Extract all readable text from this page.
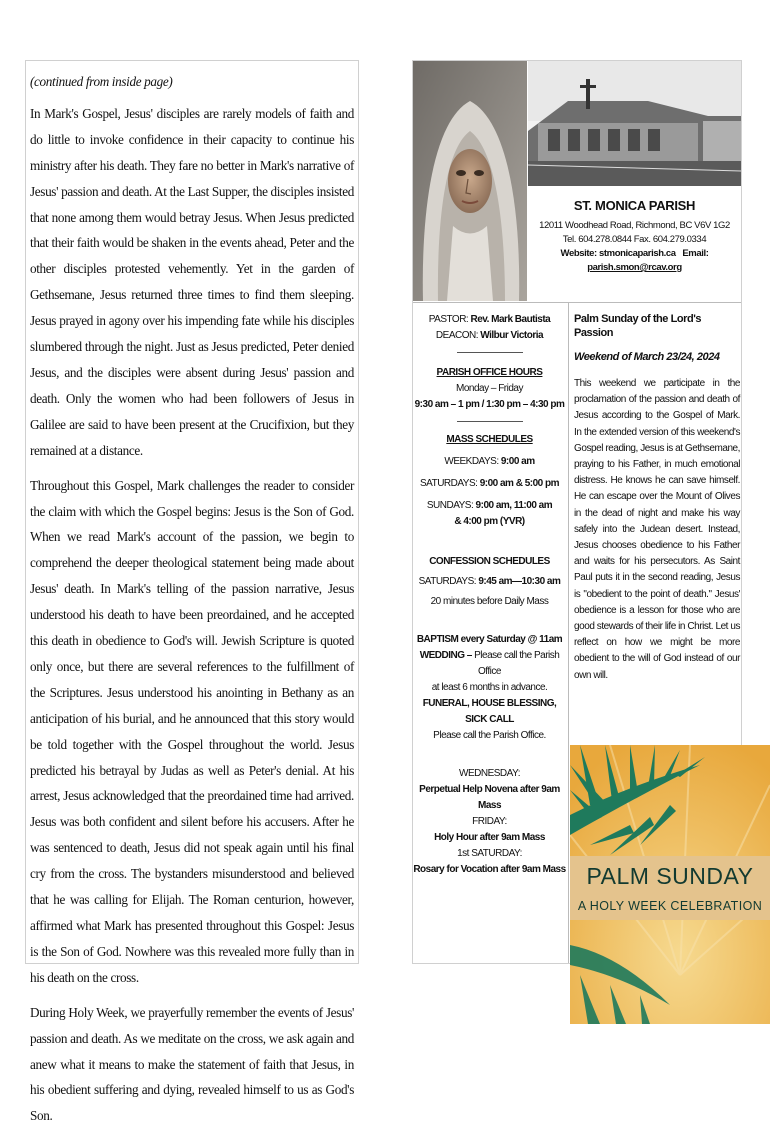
(continued from inside page)

In Mark's Gospel, Jesus' disciples are rarely models of faith and do little to invoke confidence in their capacity to continue his ministry after his death. They fare no better in Mark's narrative of Jesus' passion and death. At the Last Supper, the disciples insisted that none among them would betray Jesus. When Jesus predicted that their faith would be shaken in the events ahead, Peter and the other disciples protested vehemently. Yet in the garden of Gethsemane, Jesus returned three times to find them sleeping. Jesus prayed in agony over his impending fate while his disciples slumbered through the night. Just as Jesus predicted, Peter denied Jesus, and the disciples were absent during Jesus' passion and death. Only the women who had been followers of Jesus in Galilee are said to have been present at the Crucifixion, but they remained at a distance.

Throughout this Gospel, Mark challenges the reader to consider the claim with which the Gospel begins: Jesus is the Son of God. When we read Mark's account of the passion, we begin to comprehend the deeper theological statement being made about Jesus' death. In Mark's telling of the passion narrative, Jesus understood his death to have been preordained, and he accepted this death in obedience to God's will. Jewish Scripture is quoted only once, but there are several references to the fulfillment of the Scriptures. Jesus understood his anointing in Bethany as an anticipation of his burial, and he announced that this story would be told together with the Gospel throughout the world. Jesus predicted his betrayal by Judas as well as Peter's denial. At his arrest, Jesus acknowledged that the preordained time had arrived. Jesus was both confident and silent before his accusers. After he was sentenced to death, Jesus did not speak again until his final cry from the cross. The bystanders misunderstood and believed that he was calling for Elijah. The Roman centurion, however, affirmed what Mark has presented throughout this Gospel: Jesus is the Son of God. Nowhere was this revealed more fully than in his death on the cross.

During Holy Week, we prayerfully remember the events of Jesus' passion and death. As we meditate on the cross, we ask again and anew what it means to make the statement of faith that Jesus, in his obedient suffering and dying, revealed himself to us as God's Son.

ST. MONICA PARISH
12011 Woodhead Road, Richmond, BC V6V 1G2
Tel. 604.278.0844 Fax. 604.279.0334
Website: stmonicaparish.ca Email: parish.smon@rcav.org
PASTOR: Rev. Mark Bautista
DEACON: Wilbur Victoria
PARISH OFFICE HOURS
Monday – Friday
9:30 am – 1 pm / 1:30 pm – 4:30 pm
MASS SCHEDULES
WEEKDAYS: 9:00 am
SATURDAYS: 9:00 am & 5:00 pm
SUNDAYS: 9:00 am, 11:00 am
& 4:00 pm (YVR)
CONFESSION SCHEDULES
SATURDAYS: 9:45 am—10:30 am
20 minutes before Daily Mass
BAPTISM every Saturday @ 11am
WEDDING – Please call the Parish Office
at least 6 months in advance.
FUNERAL, HOUSE BLESSING, SICK CALL
Please call the Parish Office.
WEDNESDAY:
Perpetual Help Novena after 9am Mass
FRIDAY:
Holy Hour after 9am Mass
1st SATURDAY:
Rosary for Vocation after 9am Mass

Palm Sunday of the Lord's Passion

Weekend of March 23/24, 2024

This weekend we participate in the proclamation of the passion and death of Jesus according to the Gospel of Mark. In the extended version of this weekend's Gospel reading, Jesus is at Gethsemane, praying to his Father, in much emotional distress. He knows he can save himself. He can escape over the Mount of Olives in the dead of night and make his way safely into the Judean desert. Instead, Jesus chooses obedience to his Father and waits for his persecutors. As Saint Paul puts it in the second reading, Jesus is "obedient to the point of death." Jesus' obedience is a lesson for those who are good stewards of their life in Christ. Let us reflect on how we might be more obedient to the will of God instead of our own will.

PALM SUNDAY
A HOLY WEEK CELEBRATION
